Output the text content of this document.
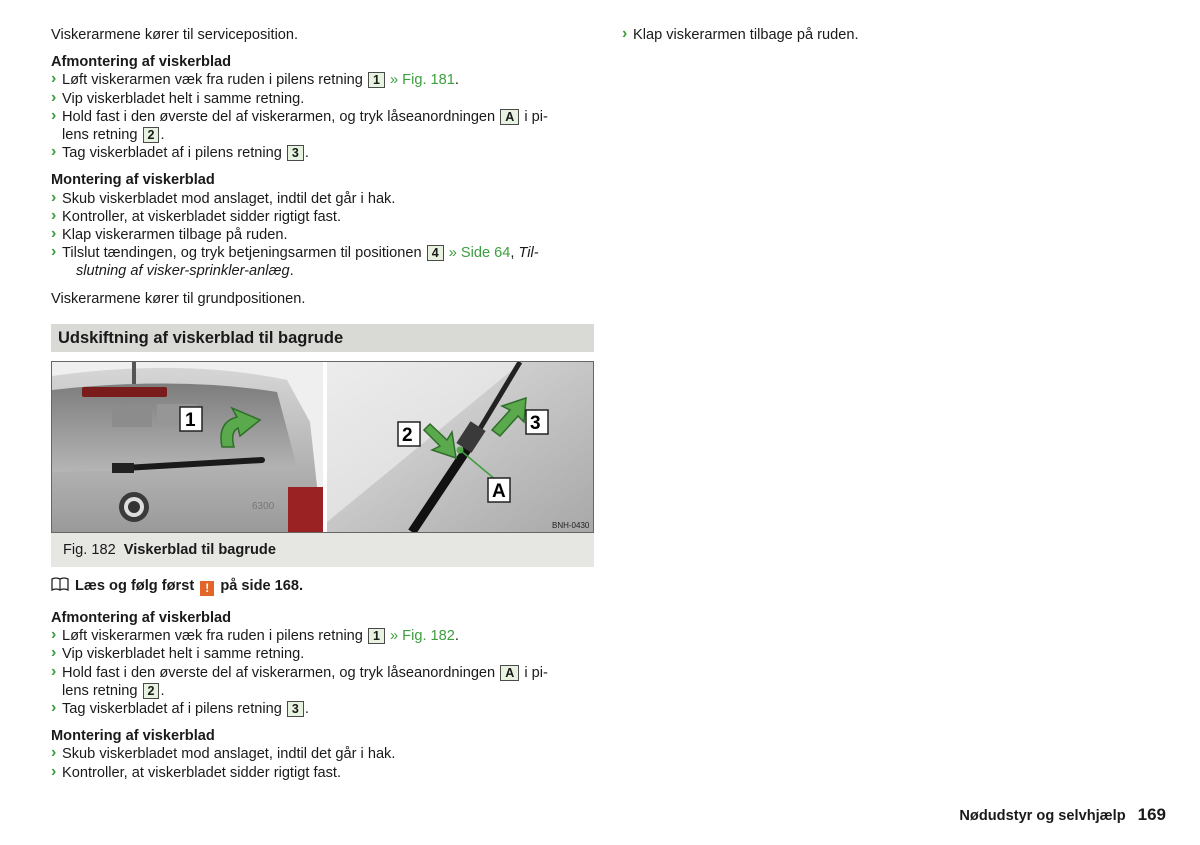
Viskerarmene kører til serviceposition.

Afmontering af viskerblad

› Løft viskerarmen væk fra ruden i pilens retning 1 » Fig. 181.

› Vip viskerbladet helt i samme retning.

› Hold fast i den øverste del af viskerarmen, og tryk låseanordningen A i pi-

lens retning 2 .

› Tag viskerbladet af i pilens retning 3 .

Montering af viskerblad

› Skub viskerbladet mod anslaget, indtil det går i hak.

› Kontroller, at viskerbladet sidder rigtigt fast.

› Klap viskerarmen tilbage på ruden.

› Tilslut tændingen, og tryk betjeningsarmen til positionen 4 » Side 64, Til-

slutning af visker-sprinkler-anlæg.

Viskerarmene kører til grundpositionen.

› Klap viskerarmen tilbage på ruden.

Udskiftning af viskerblad til bagrude
6300
1
2
3
A
BNH-0430
Fig. 182 Viskerblad til bagrude
Læs og følg først ! på side 168.

Afmontering af viskerblad

› Løft viskerarmen væk fra ruden i pilens retning 1 » Fig. 182.

› Vip viskerbladet helt i samme retning.

› Hold fast i den øverste del af viskerarmen, og tryk låseanordningen A i pi-

lens retning 2 .

› Tag viskerbladet af i pilens retning 3 .

Montering af viskerblad

› Skub viskerbladet mod anslaget, indtil det går i hak.

› Kontroller, at viskerbladet sidder rigtigt fast.

Nødudstyr og selvhjælp 169
